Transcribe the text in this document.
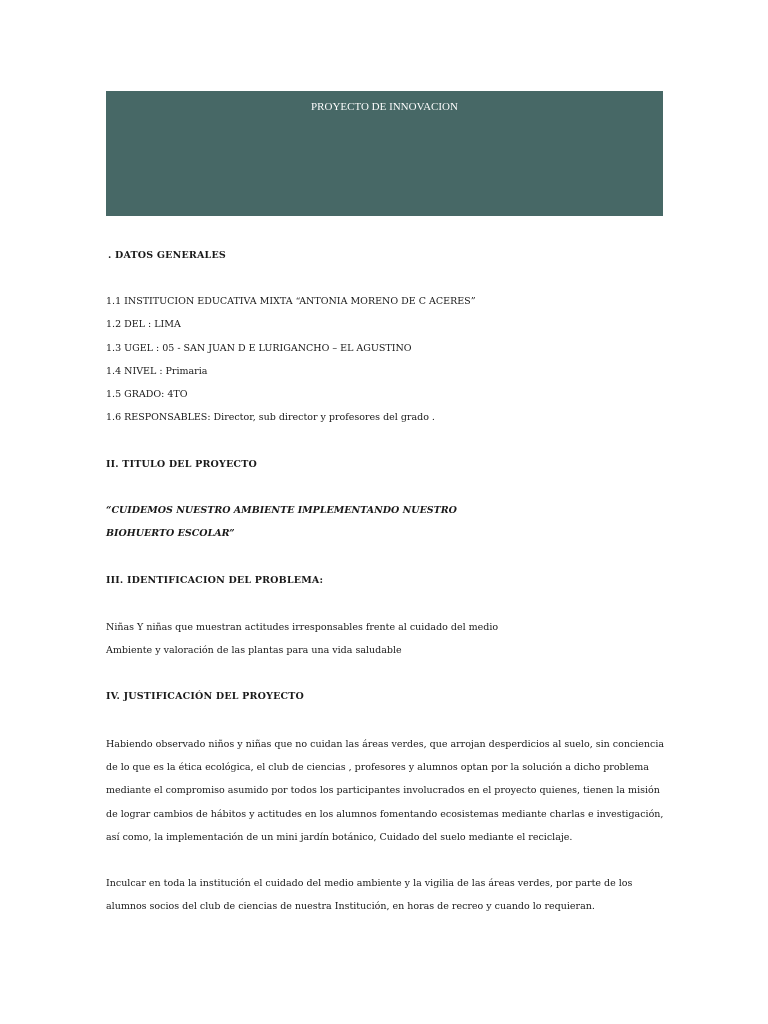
PROYECTO DE INNOVACION
. DATOS GENERALES
1.1 INSTITUCION EDUCATIVA MIXTA “ANTONIA MORENO DE C ACERES”
1.2 DEL : LIMA
1.3 UGEL : 05 - SAN JUAN D E LURIGANCHO – EL AGUSTINO
1.4 NIVEL : Primaria
1.5 GRADO: 4TO
1.6 RESPONSABLES: Director, sub director y profesores del grado .
II. TITULO DEL PROYECTO
“CUIDEMOS NUESTRO AMBIENTE IMPLEMENTANDO NUESTRO
BIOHUERTO ESCOLAR”
III. IDENTIFICACION DEL PROBLEMA:
Niñas Y niñas que muestran actitudes irresponsables frente al cuidado del medio
Ambiente y valoración de las plantas para una vida saludable
IV. JUSTIFICACIÓN DEL PROYECTO
Habiendo observado niños y niñas que no cuidan las áreas verdes, que arrojan desperdicios al suelo, sin conciencia de lo que es la ética ecológica, el club de ciencias , profesores y alumnos optan por la solución a dicho problema mediante el compromiso asumido por todos los participantes involucrados en el proyecto quienes, tienen la misión de lograr cambios de hábitos y actitudes en los alumnos fomentando ecosistemas mediante charlas e investigación, así como, la implementación de un mini jardín botánico, Cuidado del suelo mediante el reciclaje.
Inculcar en toda la institución el cuidado del medio ambiente y la vigilia de las áreas verdes, por parte de los alumnos socios del club de ciencias de nuestra Institución, en horas de recreo y cuando lo requieran.
